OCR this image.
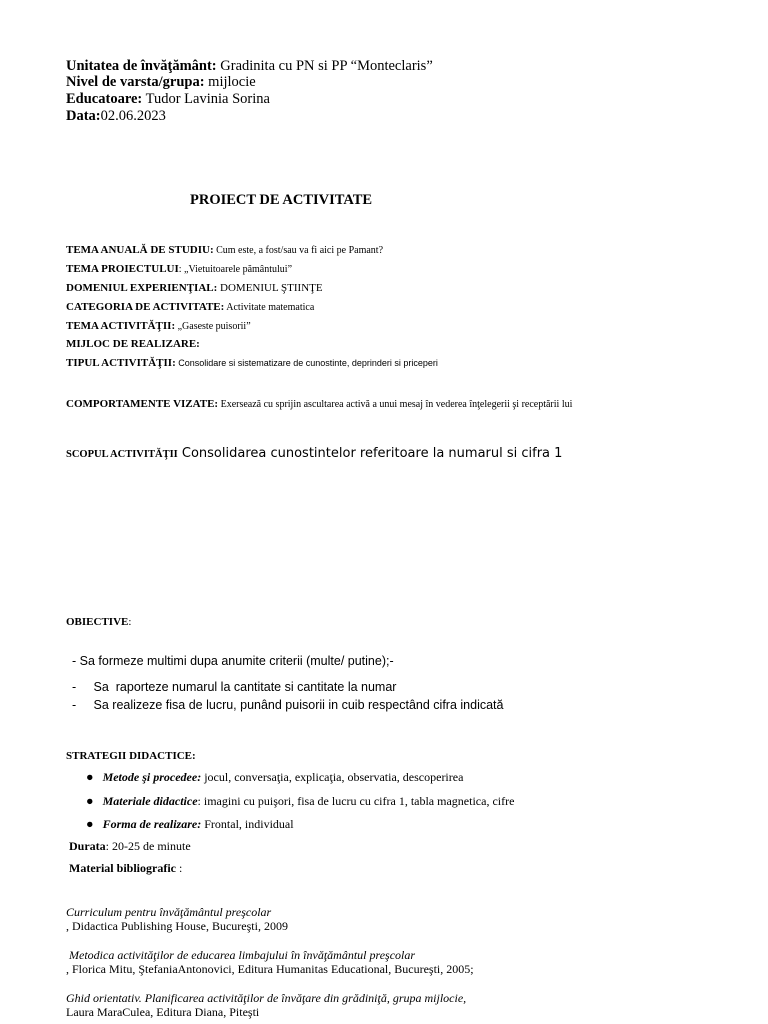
Unitatea de învăţământ: Gradinita cu PN si PP “Monteclaris”
Nivel de varsta/grupa: mijlocie
Educatoare: Tudor Lavinia Sorina
Data:02.06.2023
PROIECT DE ACTIVITATE
TEMA ANUALĂ DE STUDIU: Cum este, a fost/sau va fi aici pe Pamant?
TEMA PROIECTULUI: „Vietuitoarele pământului”
DOMENIUL EXPERIENŢIAL: DOMENIUL ŞTIINŢE
CATEGORIA DE ACTIVITATE: Activitate matematica
TEMA ACTIVITĂŢII: „Gaseste puisorii”
MIJLOC DE REALIZARE:
TIPUL ACTIVITĂŢII: Consolidare si sistematizare de cunostinte, deprinderi si priceperi
COMPORTAMENTE VIZATE: Exersează cu sprijin ascultarea activă a unui mesaj în vederea înţelegerii şi receptării lui
SCOPUL ACTIVITĂŢII Consolidarea cunostintelor referitoare la numarul si cifra 1
OBIECTIVE:
- Sa formeze multimi dupa anumite criterii (multe/ putine);-
-     Sa  raporteze numarul la cantitate si cantitate la numar
-     Sa realizeze fisa de lucru, punând puisorii in cuib respectând cifra indicată
STRATEGII DIDACTICE:
● Metode şi procedee: jocul, conversaţia, explicaţia, observatia, descoperirea
● Materiale didactice: imagini cu puişori, fisa de lucru cu cifra 1, tabla magnetica, cifre
● Forma de realizare: Frontal, individual
Durata: 20-25 de minute
Material bibliografic :
Curriculum pentru învăţământul preşcolar
, Didactica Publishing House, Bucureşti, 2009
Metodica activităţilor de educarea limbajului în învăţământul preşcolar
, Florica Mitu, ŞtefaniaAntonovici, Editura Humanitas Educational, Bucureşti, 2005;
Ghid orientativ. Planificarea activităţilor de învăţare din grădiniţă, grupa mijlocie,
Laura MaraCulea, Editura Diana, Piteşti
